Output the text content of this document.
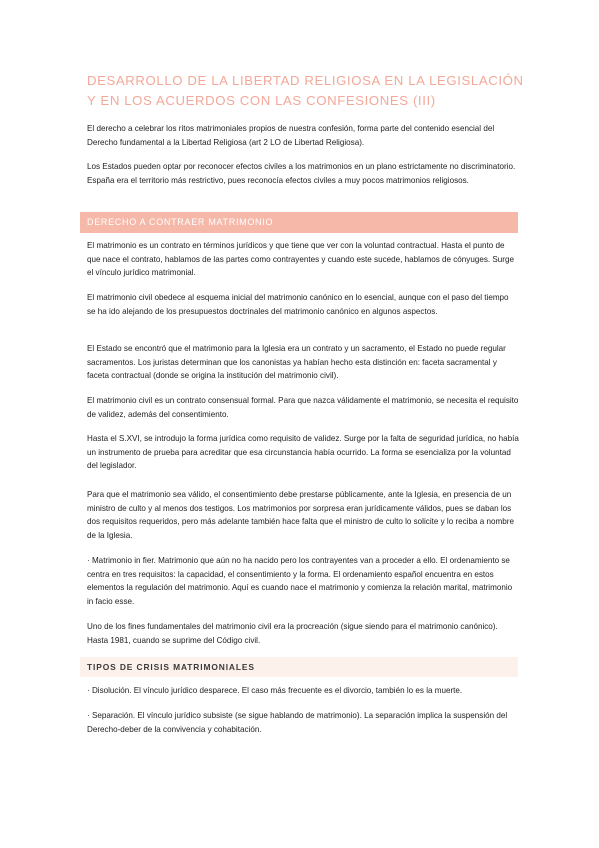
DESARROLLO DE LA LIBERTAD RELIGIOSA EN LA LEGISLACIÓN Y EN LOS ACUERDOS CON LAS CONFESIONES (III)

El derecho a celebrar los ritos matrimoniales propios de nuestra confesión, forma parte del contenido esencial del Derecho fundamental a la Libertad Religiosa (art 2 LO de Libertad Religiosa).

Los Estados pueden optar por reconocer efectos civiles a los matrimonios en un plano estrictamente no discriminatorio. España era el territorio más restrictivo, pues reconocía efectos civiles a muy pocos matrimonios religiosos.

DERECHO A CONTRAER MATRIMONIO

El matrimonio es un contrato en términos jurídicos y que tiene que ver con la voluntad contractual. Hasta el punto de que nace el contrato, hablamos de las partes como contrayentes y cuando este sucede, hablamos de cónyuges. Surge el vínculo jurídico matrimonial.

El matrimonio civil obedece al esquema inicial del matrimonio canónico en lo esencial, aunque con el paso del tiempo se ha ido alejando de los presupuestos doctrinales del matrimonio canónico en algunos aspectos.

El Estado se encontró que el matrimonio para la Iglesia era un contrato y un sacramento, el Estado no puede regular sacramentos. Los juristas determinan que los canonistas ya habían hecho esta distinción en: faceta sacramental y faceta contractual (donde se origina la institución del matrimonio civil).

El matrimonio civil es un contrato consensual formal. Para que nazca válidamente el matrimonio, se necesita el requisito de validez, además del consentimiento.

Hasta el S.XVI, se introdujo la forma jurídica como requisito de validez. Surge por la falta de seguridad jurídica, no había un instrumento de prueba para acreditar que esa circunstancia había ocurrido. La forma se esencializa por la voluntad del legislador.

Para que el matrimonio sea válido, el consentimiento debe prestarse públicamente, ante la Iglesia, en presencia de un ministro de culto y al menos dos testigos. Los matrimonios por sorpresa eran jurídicamente válidos, pues se daban los dos requisitos requeridos, pero más adelante también hace falta que el ministro de culto lo solicite y lo reciba a nombre de la Iglesia.

· Matrimonio in fier. Matrimonio que aún no ha nacido pero los contrayentes van a proceder a ello. El ordenamiento se centra en tres requisitos: la capacidad, el consentimiento y la forma. El ordenamiento español encuentra en estos elementos la regulación del matrimonio. Aquí es cuando nace el matrimonio y comienza la relación marital, matrimonio in facio esse.

Uno de los fines fundamentales del matrimonio civil era la procreación (sigue siendo para el matrimonio canónico). Hasta 1981, cuando se suprime del Código civil.

TIPOS DE CRISIS MATRIMONIALES

· Disolución. El vínculo jurídico desparece. El caso más frecuente es el divorcio, también lo es la muerte.

· Separación. El vínculo jurídico subsiste (se sigue hablando de matrimonio). La separación implica la suspensión del Derecho-deber de la convivencia y cohabitación.
